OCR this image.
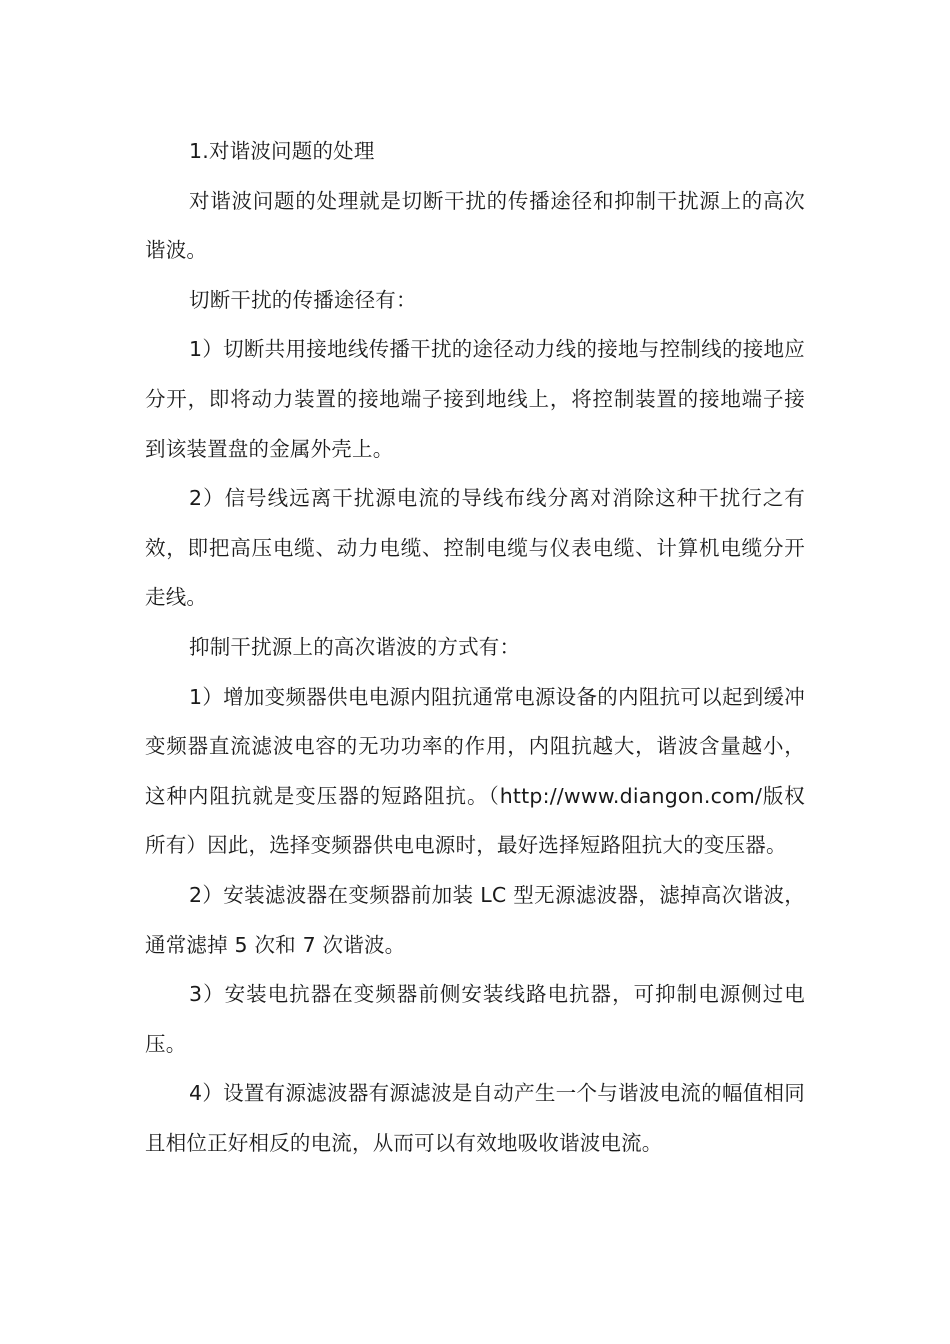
1.对谐波问题的处理

对谐波问题的处理就是切断干扰的传播途径和抑制干扰源上的高次谐波。

切断干扰的传播途径有：

1）切断共用接地线传播干扰的途径动力线的接地与控制线的接地应分开，即将动力装置的接地端子接到地线上，将控制装置的接地端子接到该装置盘的金属外壳上。

2）信号线远离干扰源电流的导线布线分离对消除这种干扰行之有效，即把高压电缆、动力电缆、控制电缆与仪表电缆、计算机电缆分开走线。

抑制干扰源上的高次谐波的方式有：

1）增加变频器供电电源内阻抗通常电源设备的内阻抗可以起到缓冲变频器直流滤波电容的无功功率的作用，内阻抗越大，谐波含量越小，这种内阻抗就是变压器的短路阻抗。（http://www.diangon.com/版权所有）因此，选择变频器供电电源时，最好选择短路阻抗大的变压器。

2）安装滤波器在变频器前加装 LC 型无源滤波器，滤掉高次谐波，通常滤掉 5 次和 7 次谐波。

3）安装电抗器在变频器前侧安装线路电抗器，可抑制电源侧过电压。

4）设置有源滤波器有源滤波是自动产生一个与谐波电流的幅值相同且相位正好相反的电流，从而可以有效地吸收谐波电流。
